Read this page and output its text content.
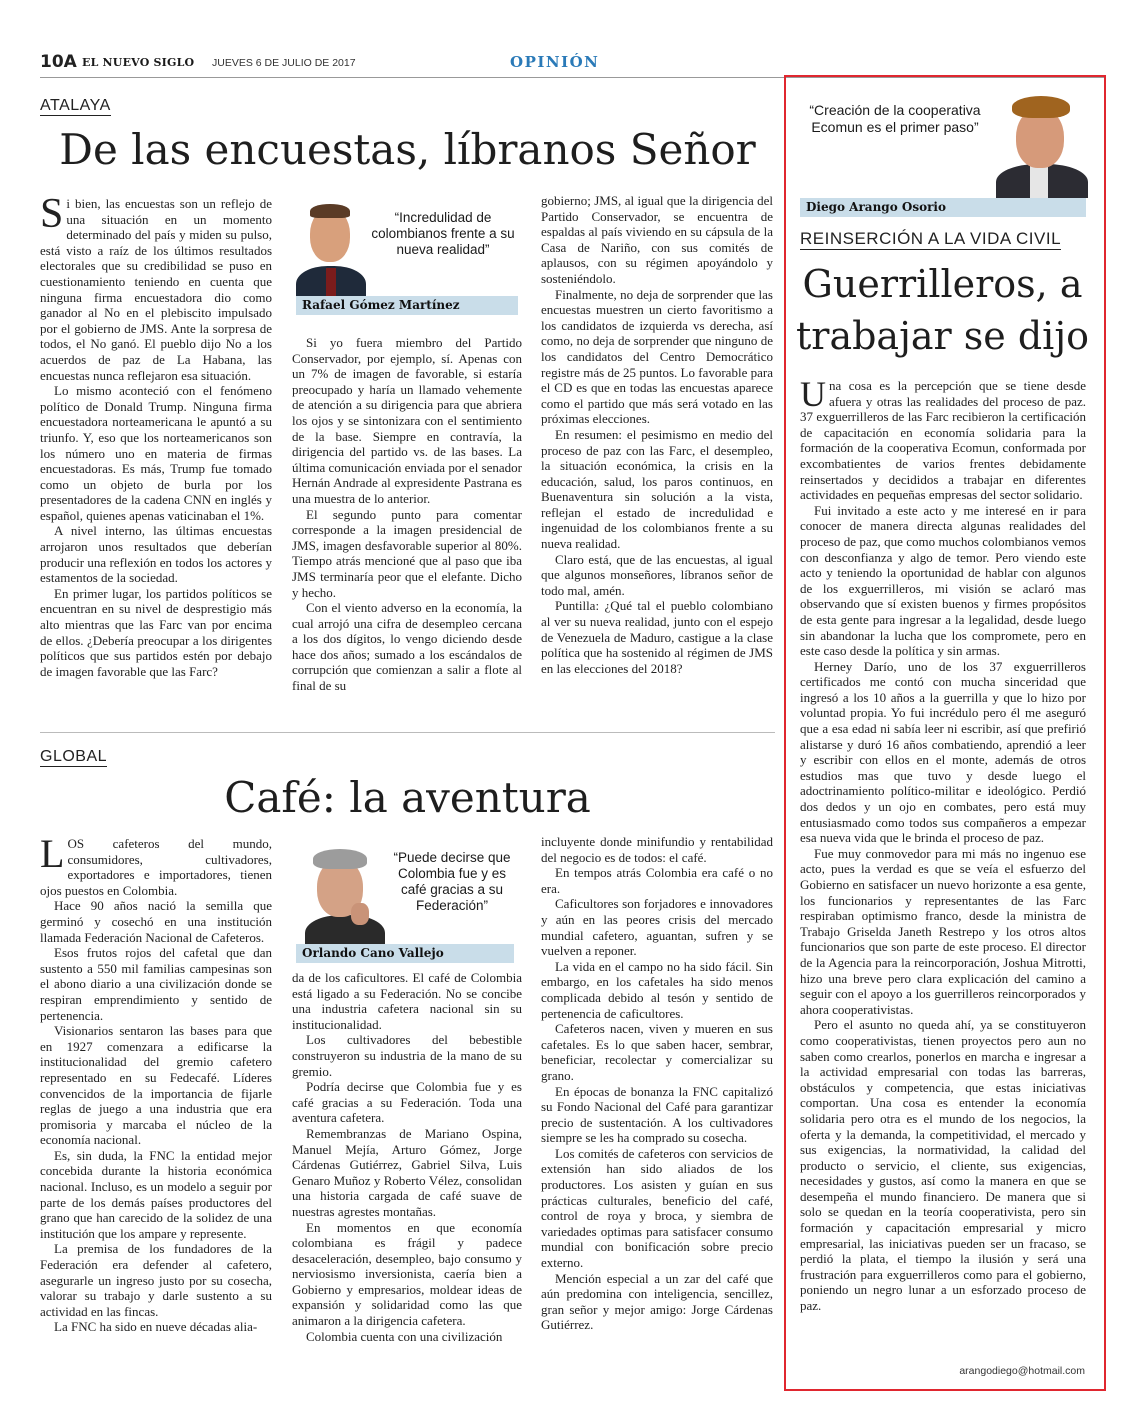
10A EL NUEVO SIGLO JUEVES 6 DE JULIO DE 2017	OPINIÓN
ATALAYA
De las encuestas, líbranos Señor

Si bien, las encuestas son un reflejo de una situación en un momento determinado del país y miden su pulso, está visto a raíz de los últimos resultados electorales que su credibilidad se puso en cuestionamiento teniendo en cuenta que ninguna firma encuestadora dio como ganador al No en el plebiscito impulsado por el gobierno de JMS. Ante la sorpresa de todos, el No ganó. El pueblo dijo No a los acuerdos de paz de La Habana, las encuestas nunca reflejaron esa situación.

Lo mismo aconteció con el fenómeno político de Donald Trump. Ninguna firma encuestadora norteamericana le apuntó a su triunfo. Y, eso que los norteamericanos son los número uno en materia de firmas encuestadoras. Es más, Trump fue tomado como un objeto de burla por los presentadores de la cadena CNN en inglés y español, quienes apenas vaticinaban el 1%.

A nivel interno, las últimas encuestas arrojaron unos resultados que deberían producir una reflexión en todos los actores y estamentos de la sociedad.

En primer lugar, los partidos políticos se encuentran en su nivel de desprestigio más alto mientras que las Farc van por encima de ellos. ¿Debería preocupar a los dirigentes políticos que sus partidos estén por debajo de imagen favorable que las Farc?

“Incredulidad de colombianos frente a su nueva realidad”
Rafael Gómez Martínez

Si yo fuera miembro del Partido Conservador, por ejemplo, sí. Apenas con un 7% de imagen de favorable, si estaría preocupado y haría un llamado vehemente de atención a su dirigencia para que abriera los ojos y se sintonizara con el sentimiento de la base. Siempre en contravía, la dirigencia del partido vs. de las bases. La última comunicación enviada por el senador Hernán Andrade al expresidente Pastrana es una muestra de lo anterior.

El segundo punto para comentar corresponde a la imagen presidencial de JMS, imagen desfavorable superior al 80%. Tiempo atrás mencioné que al paso que iba JMS terminaría peor que el elefante. Dicho y hecho.

Con el viento adverso en la economía, la cual arrojó una cifra de desempleo cercana a los dos dígitos, lo vengo diciendo desde hace dos años; sumado a los escándalos de corrupción que comienzan a salir a flote al final de su

gobierno; JMS, al igual que la dirigencia del Partido Conservador, se encuentra de espaldas al país viviendo en su cápsula de la Casa de Nariño, con sus comités de aplausos, con su régimen apoyándolo y sosteniéndolo.

Finalmente, no deja de sorprender que las encuestas muestren un cierto favoritismo a los candidatos de izquierda vs derecha, así como, no deja de sorprender que ninguno de los candidatos del Centro Democrático registre más de 25 puntos. Lo favorable para el CD es que en todas las encuestas aparece como el partido que más será votado en las próximas elecciones.

En resumen: el pesimismo en medio del proceso de paz con las Farc, el desempleo, la situación económica, la crisis en la educación, salud, los paros continuos, en Buenaventura sin solución a la vista, reflejan el estado de incredulidad e ingenuidad de los colombianos frente a su nueva realidad.

Claro está, que de las encuestas, al igual que algunos monseñores, líbranos señor de todo mal, amén.

Puntilla: ¿Qué tal el pueblo colombiano al ver su nueva realidad, junto con el espejo de Venezuela de Maduro, castigue a la clase política que ha sostenido al régimen de JMS en las elecciones del 2018?

GLOBAL
Café: la aventura

LOS cafeteros del mundo, consumidores, cultivadores, exportadores e importadores, tienen ojos puestos en Colombia.

Hace 90 años nació la semilla que germinó y cosechó en una institución llamada Federación Nacional de Cafeteros.

Esos frutos rojos del cafetal que dan sustento a 550 mil familias campesinas son el abono diario a una civilización donde se respiran emprendimiento y sentido de pertenencia.

Visionarios sentaron las bases para que en 1927 comenzara a edificarse la institucionalidad del gremio cafetero representado en su Fedecafé. Líderes convencidos de la importancia de fijarle reglas de juego a una industria que era promisoria y marcaba el núcleo de la economía nacional.

Es, sin duda, la FNC la entidad mejor concebida durante la historia económica nacional. Incluso, es un modelo a seguir por parte de los demás países productores del grano que han carecido de la solidez de una institución que los ampare y represente.

La premisa de los fundadores de la Federación era defender al cafetero, asegurarle un ingreso justo por su cosecha, valorar su trabajo y darle sustento a su actividad en las fincas.

La FNC ha sido en nueve décadas alia-

“Puede decirse que Colombia fue y es café gracias a su Federación”
Orlando Cano Vallejo

da de los caficultores. El café de Colombia está ligado a su Federación. No se concibe una industria cafetera nacional sin su institucionalidad.

Los cultivadores del bebestible construyeron su industria de la mano de su gremio.

Podría decirse que Colombia fue y es café gracias a su Federación. Toda una aventura cafetera.

Remembranzas de Mariano Ospina, Manuel Mejía, Arturo Gómez, Jorge Cárdenas Gutiérrez, Gabriel Silva, Luis Genaro Muñoz y Roberto Vélez, consolidan una historia cargada de café suave de nuestras agrestes montañas.

En momentos en que economía colombiana es frágil y padece desaceleración, desempleo, bajo consumo y nerviosismo inversionista, caería bien a Gobierno y empresarios, moldear ideas de expansión y solidaridad como las que animaron a la dirigencia cafetera.

Colombia cuenta con una civilización

incluyente donde minifundio y rentabilidad del negocio es de todos: el café.

En tempos atrás Colombia era café o no era.

Caficultores son forjadores e innovadores y aún en las peores crisis del mercado mundial cafetero, aguantan, sufren y se vuelven a reponer.

La vida en el campo no ha sido fácil. Sin embargo, en los cafetales ha sido menos complicada debido al tesón y sentido de pertenencia de caficultores.

Cafeteros nacen, viven y mueren en sus cafetales. Es lo que saben hacer, sembrar, beneficiar, recolectar y comercializar su grano.

En épocas de bonanza la FNC capitalizó su Fondo Nacional del Café para garantizar precio de sustentación. A los cultivadores siempre se les ha comprado su cosecha.

Los comités de cafeteros con servicios de extensión han sido aliados de los productores. Los asisten y guían en sus prácticas culturales, beneficio del café, control de roya y broca, y siembra de variedades optimas para satisfacer consumo mundial con bonificación sobre precio externo.

Mención especial a un zar del café que aún predomina con inteligencia, sencillez, gran señor y mejor amigo: Jorge Cárdenas Gutiérrez.

“Creación de la cooperativa Ecomun es el primer paso”
Diego Arango Osorio
REINSERCIÓN A LA VIDA CIVIL
Guerrilleros, a
trabajar se dijo

Una cosa es la percepción que se tiene desde afuera y otras las realidades del proceso de paz. 37 exguerrilleros de las Farc recibieron la certificación de capacitación en economía solidaria para la formación de la cooperativa Ecomun, conformada por excombatientes de varios frentes debidamente reinsertados y decididos a trabajar en diferentes actividades en pequeñas empresas del sector solidario.

Fui invitado a este acto y me interesé en ir para conocer de manera directa algunas realidades del proceso de paz, que como muchos colombianos vemos con desconfianza y algo de temor. Pero viendo este acto y teniendo la oportunidad de hablar con algunos de los exguerrilleros, mi visión se aclaró mas observando que sí existen buenos y firmes propósitos de esta gente para ingresar a la legalidad, desde luego sin abandonar la lucha que los compromete, pero en este caso desde la política y sin armas.

Herney Darío, uno de los 37 exguerrilleros certificados me contó con mucha sinceridad que ingresó a los 10 años a la guerrilla y que lo hizo por voluntad propia. Yo fui incrédulo pero él me aseguró que a esa edad ni sabía leer ni escribir, así que prefirió alistarse y duró 16 años combatiendo, aprendió a leer y escribir con ellos en el monte, además de otros estudios mas que tuvo y desde luego el adoctrinamiento político-militar e ideológico. Perdió dos dedos y un ojo en combates, pero está muy entusiasmado como todos sus compañeros a empezar esa nueva vida que le brinda el proceso de paz.

Fue muy conmovedor para mi más no ingenuo ese acto, pues la verdad es que se veía el esfuerzo del Gobierno en satisfacer un nuevo horizonte a esa gente, los funcionarios y representantes de las Farc respiraban optimismo franco, desde la ministra de Trabajo Griselda Janeth Restrepo y los otros altos funcionarios que son parte de este proceso. El director de la Agencia para la reincorporación, Joshua Mitrotti, hizo una breve pero clara explicación del camino a seguir con el apoyo a los guerrilleros reincorporados y ahora cooperativistas.

Pero el asunto no queda ahí, ya se constituyeron como cooperativistas, tienen proyectos pero aun no saben como crearlos, ponerlos en marcha e ingresar a la actividad empresarial con todas las barreras, obstáculos y competencia, que estas iniciativas comportan. Una cosa es entender la economía solidaria pero otra es el mundo de los negocios, la oferta y la demanda, la competitividad, el mercado y sus exigencias, la normatividad, la calidad del producto o servicio, el cliente, sus exigencias, necesidades y gustos, así como la manera en que se desempeña el mundo financiero. De manera que si solo se quedan en la teoría cooperativista, pero sin formación y capacitación empresarial y micro empresarial, las iniciativas pueden ser un fracaso, se perdió la plata, el tiempo la ilusión y será una frustración para exguerrilleros como para el gobierno, poniendo un negro lunar a un esforzado proceso de paz.

arangodiego@hotmail.com
